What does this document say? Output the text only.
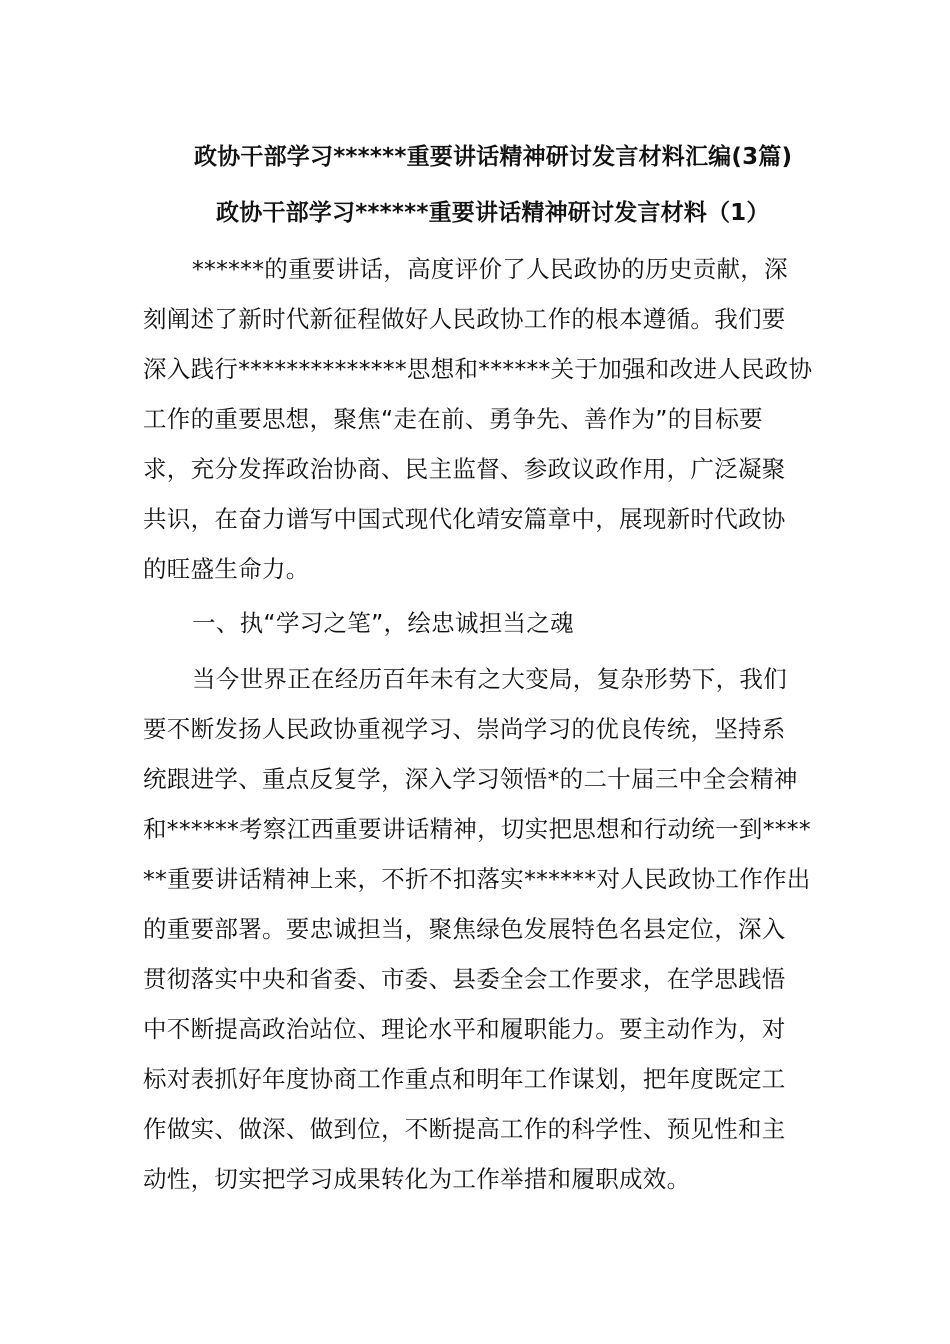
政协干部学习******重要讲话精神研讨发言材料汇编(3篇)
政协干部学习******重要讲话精神研讨发言材料（1）
******的重要讲话，高度评价了人民政协的历史贡献，深
刻阐述了新时代新征程做好人民政协工作的根本遵循。我们要
深入践行**************思想和******关于加强和改进人民政协
工作的重要思想，聚焦“走在前、勇争先、善作为”的目标要
求，充分发挥政治协商、民主监督、参政议政作用，广泛凝聚
共识，在奋力谱写中国式现代化靖安篇章中，展现新时代政协
的旺盛生命力。
一、执“学习之笔”，绘忠诚担当之魂
当今世界正在经历百年未有之大变局，复杂形势下，我们
要不断发扬人民政协重视学习、崇尚学习的优良传统，坚持系
统跟进学、重点反复学，深入学习领悟*的二十届三中全会精神
和******考察江西重要讲话精神，切实把思想和行动统一到****
**重要讲话精神上来，不折不扣落实******对人民政协工作作出
的重要部署。要忠诚担当，聚焦绿色发展特色名县定位，深入
贯彻落实中央和省委、市委、县委全会工作要求，在学思践悟
中不断提高政治站位、理论水平和履职能力。要主动作为，对
标对表抓好年度协商工作重点和明年工作谋划，把年度既定工
作做实、做深、做到位，不断提高工作的科学性、预见性和主
动性，切实把学习成果转化为工作举措和履职成效。
